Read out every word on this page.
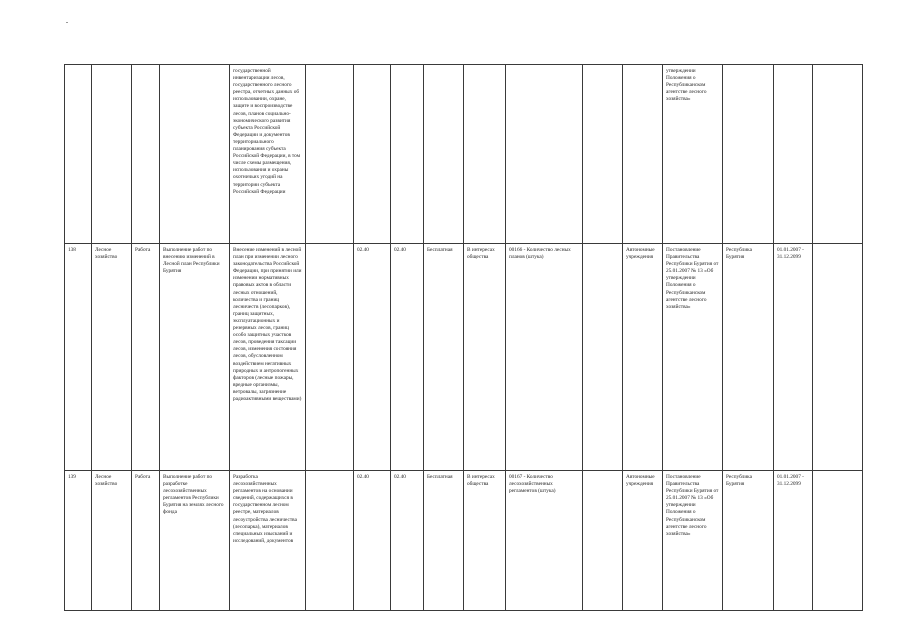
				государственной инвентаризации лесов, государственного лесного реестра, отчетных данных об использовании, охране, защите и воспроизводстве лесов, планов социально-экономического развития субъекта Российской Федерации и документов территориального планирования субъекта Российской Федерации, в том числе схемы размещения, использования и охраны охотничьих угодий на территории субъекта Российской Федерации									утверждении Положения о Республиканском агентстве лесного хозяйства»			
138	Лесное хозяйство	Работа	Выполнение работ по внесению изменений в Лесной план Республики Бурятия	Внесение изменений в лесной план при изменении лесного законодательства Российской Федерации, при принятии или изменении нормативных правовых актов в области лесных отношений, количества и границ лесничеств (лесопарков), границ защитных, эксплуатационных и резервных лесов, границ особо защитных участков лесов, проведения таксации лесов, изменения состояния лесов, обусловленном воздействием негативных природных и антропогенных факторов (лесные пожары, вредные организмы, ветровалы, загрязнение радиоактивными веществами)		02.40	02.40	Бесплатная	В интересах общества	00166 - Количество лесных планов (штука)		Автономные учреждения	Постановление Правительства Республики Бурятия от 25.01.2007 № 13 «Об утверждении Положения о Республиканском агентстве лесного хозяйства»	Республика Бурятия	01.01.2007 - 31.12.2099	
139	Лесное хозяйство	Работа	Выполнение работ по разработке лесохозяйственных регламентов Республики Бурятия на землях лесного фонда	Разработка лесохозяйственных регламентов на основании сведений, содержащихся в государственном лесном реестре, материалов лесоустройства лесничества (лесопарка), материалов специальных изысканий и исследований, документов		02.40	02.40	Бесплатная	В интересах общества	00167 - Количество лесохозяйственных регламентов (штука)		Автономные учреждения	Постановление Правительства Республики Бурятия от 25.01.2007 № 13 «Об утверждении Положения о Республиканском агентстве лесного хозяйства»	Республика Бурятия	01.01.2007 - 31.12.2099	
